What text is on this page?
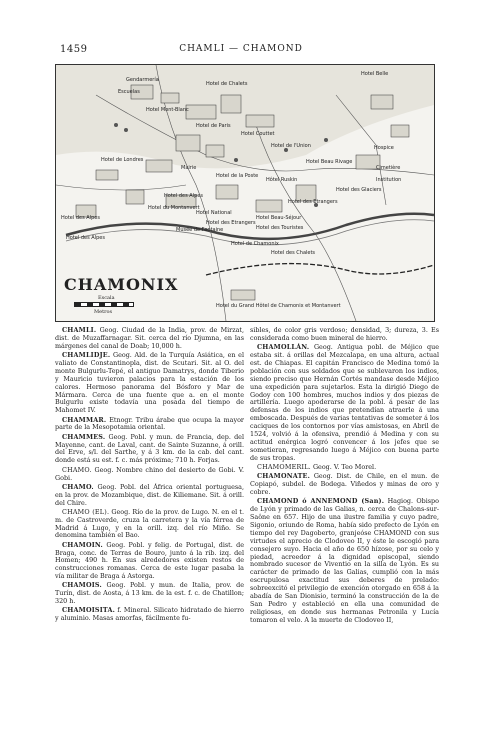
1459	CHAMLI — CHAMOND
Gendarmería
Escuelas
Hotel de Chalets
Hotel Belle
Hotel Mont-Blanc
Hotel de Paris
Hotel Couttet
Hotel de l'Union
Hotel Beau Rivage
Hotel de Londres
Mairie
Hotel de la Poste
Hôtel Ruskin
Hospice
Hotel des Alpes
Hotel du Montanvert
Cimetière
Institution
Hotel des Alpes
Hotel National
Hotel des Etrangers
Musée de Fontaine
Hotel des Alpes
Hotel Beau-Séjour
Hotel des Touristes
Hotel de Chamonix
Hotel du Grand Hôtel de Chamonix et Montanvert
Hotel des Glaciers
Hotel des Etrangers
Hotel des Chalets
CHAMONIX
Escala
Metros

CHAMLI. Geog. Ciudad de la India, prov. de Mirzat, dist. de Muzaffarnagar. Sit. cerca del río Djumna, en las márgenes del canal de Doab; 10,000 h.

CHAMLIDJE. Geog. Ald. de la Turquía Asiática, en el valiato de Constantinopla, dist. de Scutari. Sit. al O. del monte Bulgurlu-Tepé, el antiguo Damatrys, donde Tiberio y Mauricio tuvieron palacios para la estación de los calores. Hermoso panorama del Bósforo y Mar de Mármara. Cerca de una fuente que a. en el monte Bulgurlu existe todavía una posada del tiempo de Mahomet IV.

CHAMMAR. Etnogr. Tribu árabe que ocupa la mayor parte de la Mesopotamia oriental.

CHAMMES. Geog. Pobl. y mun. de Francia, dep. del Mayenne, cant. de Laval, cant. de Sainte Suzanne, á orill. del Erve, s/l. del Sarthe, y á 3 km. de la cab. del cant. donde está su est. f. c. más próxima; 710 h. Forjas.

CHAMO. Geog. Nombre chino del desierto de Gobi. V. Gobi.

CHAMO. Geog. Pobl. del África oriental portuguesa, en la prov. de Mozambique, dist. de Kiliemane. Sit. á orill. del Chire.

CHAMO (EL). Geog. Río de la prov. de Lugo. N. en el t. m. de Castroverde, cruza la carretera y la vía férrea de Madrid á Lugo, y en la orill. izq. del río Miño. Se denomina también el Bao.

CHAMOIN. Geog. Pobl. y felig. de Portugal, dist. de Braga, conc. de Terras de Bouro, junto á la rib. izq. del Homen; 490 h. En sus alrededores existen restos de construcciones romanas. Cerca de este lugar pasaba la vía militar de Braga á Astorga.

CHAMOIS. Geog. Pobl. y mun. de Italia, prov. de Turín, dist. de Aosta, á 13 km. de la est. f. c. de Chatillon; 320 h.

CHAMOISITA. f. Mineral. Silicato hidratado de hierro y aluminio. Masas amorfas, fácilmente fu-

sibles, de color gris verdoso; densidad, 3; dureza, 3. Es considerada como buen mineral de hierro.

CHAMOLLÁN. Geog. Antigua pobl. de Méjico que estaba sit. á orillas del Mezcalapa, en una altura, actual est. de Chiapas. El capitán Francisco de Medina tomó la población con sus soldados que se sublevaron los indios, siendo preciso que Hernán Cortés mandase desde Méjico una expedición para sujetarlos. Esta la dirigió Diego de Godoy con 100 hombres, muchos indios y dos piezas de artillería. Luego apoderarse de la pobl. á pesar de las defensas de los indios que pretendían atraerle á una emboscada. Después de varias tentativas de someter á los caciques de los contornos por vías amistosas, en Abril de 1524, volvió á la ofensiva, prendió á Medina y con su actitud enérgica logró convencer á los jefes que se sometieran, regresando luego á Méjico con buena parte de sus tropas.

CHAMOMERIL. Geog. V. Teo Morel.

CHAMONATE. Geog. Dist. de Chile, en el mun. de Copiapó, subdel. de Bodega. Viñedos y minas de oro y cobre.

CHAMOND ó ANNEMOND (San). Hagiog. Obispo de Lyón y primado de las Galias, n. cerca de Chalons-sur-Saône en 657. Hijo de una ilustre familia y cuyo padre, Sigonio, oriundo de Roma, había sido prefecto de Lyón en tiempo del rey Dagoberto, granjeóse CHAMOND con sus virtudes el aprecio de Clodoveo II, y éste le escogió para consejero suyo. Hacia el año de 650 hízose, por su celo y piedad, acreedor á la dignidad episcopal, siendo nombrado sucesor de Viventio en la silla de Lyón. Es su carácter de primado de las Galias, cumplió con la más escrupulosa exactitud sus deberes de prelado: sobreexcitó el privilegio de exención otorgado en 658 á la abadía de San Dionisio, terminó la construcción de la de San Pedro y estableció en ella una comunidad de religiosas, en donde sus hermanas Petronila y Lucía tomaron el velo. A la muerte de Clodoveo II,
